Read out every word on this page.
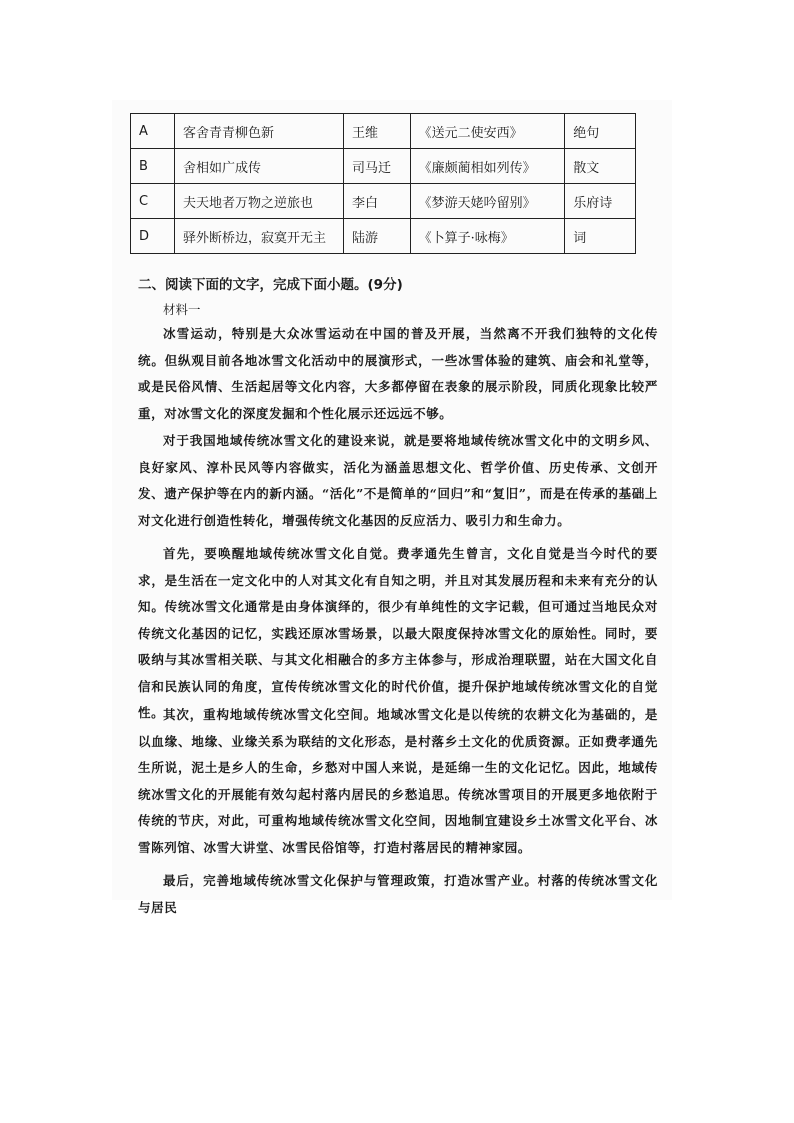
A	客舍青青柳色新	王维	《送元二使安西》	绝句
B	舍相如广成传	司马迁	《廉颇蔺相如列传》	散文
C	夫天地者万物之逆旅也	李白	《梦游天姥吟留别》	乐府诗
D	驿外断桥边，寂寞开无主	陆游	《卜算子·咏梅》	词
二、阅读下面的文字，完成下面小题。(9分)
材料一

冰雪运动，特别是大众冰雪运动在中国的普及开展，当然离不开我们独特的文化传统。但纵观目前各地冰雪文化活动中的展演形式，一些冰雪体验的建筑、庙会和礼堂等，或是民俗风情、生活起居等文化内容，大多都停留在表象的展示阶段，同质化现象比较严重，对冰雪文化的深度发掘和个性化展示还远远不够。

对于我国地域传统冰雪文化的建设来说，就是要将地域传统冰雪文化中的文明乡风、良好家风、淳朴民风等内容做实，活化为涵盖思想文化、哲学价值、历史传承、文创开发、遗产保护等在内的新内涵。“活化”不是简单的“回归”和“复旧”，而是在传承的基础上对文化进行创造性转化，增强传统文化基因的反应活力、吸引力和生命力。

首先，要唤醒地域传统冰雪文化自觉。费孝通先生曾言，文化自觉是当今时代的要求，是生活在一定文化中的人对其文化有自知之明，并且对其发展历程和未来有充分的认知。传统冰雪文化通常是由身体演绎的，很少有单纯性的文字记载，但可通过当地民众对传统文化基因的记忆，实践还原冰雪场景，以最大限度保持冰雪文化的原始性。同时，要吸纳与其冰雪相关联、与其文化相融合的多方主体参与，形成治理联盟，站在大国文化自信和民族认同的角度，宣传传统冰雪文化的时代价值，提升保护地域传统冰雪文化的自觉性。

其次，重构地域传统冰雪文化空间。地域冰雪文化是以传统的农耕文化为基础的，是以血缘、地缘、业缘关系为联结的文化形态，是村落乡土文化的优质资源。正如费孝通先生所说，泥土是乡人的生命，乡愁对中国人来说，是延绵一生的文化记忆。因此，地域传统冰雪文化的开展能有效勾起村落内居民的乡愁追思。传统冰雪项目的开展更多地依附于传统的节庆，对此，可重构地域传统冰雪文化空间，因地制宜建设乡土冰雪文化平台、冰雪陈列馆、冰雪大讲堂、冰雪民俗馆等，打造村落居民的精神家园。

最后，完善地域传统冰雪文化保护与管理政策，打造冰雪产业。村落的传统冰雪文化与居民
